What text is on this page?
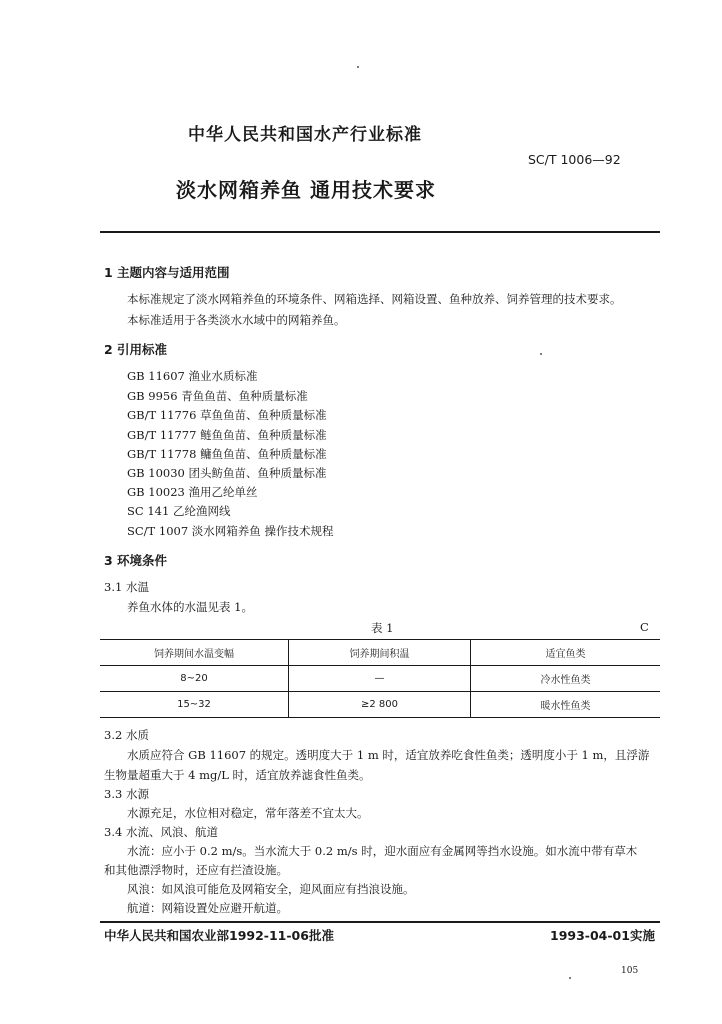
中华人民共和国水产行业标准
SC/T 1006—92
淡水网箱养鱼 通用技术要求
1 主题内容与适用范围
本标准规定了淡水网箱养鱼的环境条件、网箱选择、网箱设置、鱼种放养、饲养管理的技术要求。
本标准适用于各类淡水水域中的网箱养鱼。
2 引用标准
GB 11607 渔业水质标准
GB 9956 青鱼鱼苗、鱼种质量标准
GB/T 11776 草鱼鱼苗、鱼种质量标准
GB/T 11777 鲢鱼鱼苗、鱼种质量标准
GB/T 11778 鳙鱼鱼苗、鱼种质量标准
GB 10030 团头鲂鱼苗、鱼种质量标准
GB 10023 渔用乙纶单丝
SC 141 乙纶渔网线
SC/T 1007 淡水网箱养鱼 操作技术规程
3 环境条件
3.1 水温
养鱼水体的水温见表 1。
表 1	C
饲养期间水温变幅	饲养期间积温	适宜鱼类
8~20	—	冷水性鱼类
15~32	≥2 800	暖水性鱼类
3.2 水质
水质应符合 GB 11607 的规定。透明度大于 1 m 时，适宜放养吃食性鱼类；透明度小于 1 m，且浮游
生物量超重大于 4 mg/L 时，适宜放养滤食性鱼类。
3.3 水源
水源充足，水位相对稳定，常年落差不宜太大。
3.4 水流、风浪、航道
水流：应小于 0.2 m/s。当水流大于 0.2 m/s 时，迎水面应有金属网等挡水设施。如水流中带有草木
和其他漂浮物时，还应有拦渣设施。
风浪：如风浪可能危及网箱安全，迎风面应有挡浪设施。
航道：网箱设置处应避开航道。
中华人民共和国农业部1992-11-06批准	1993-04-01实施
105
